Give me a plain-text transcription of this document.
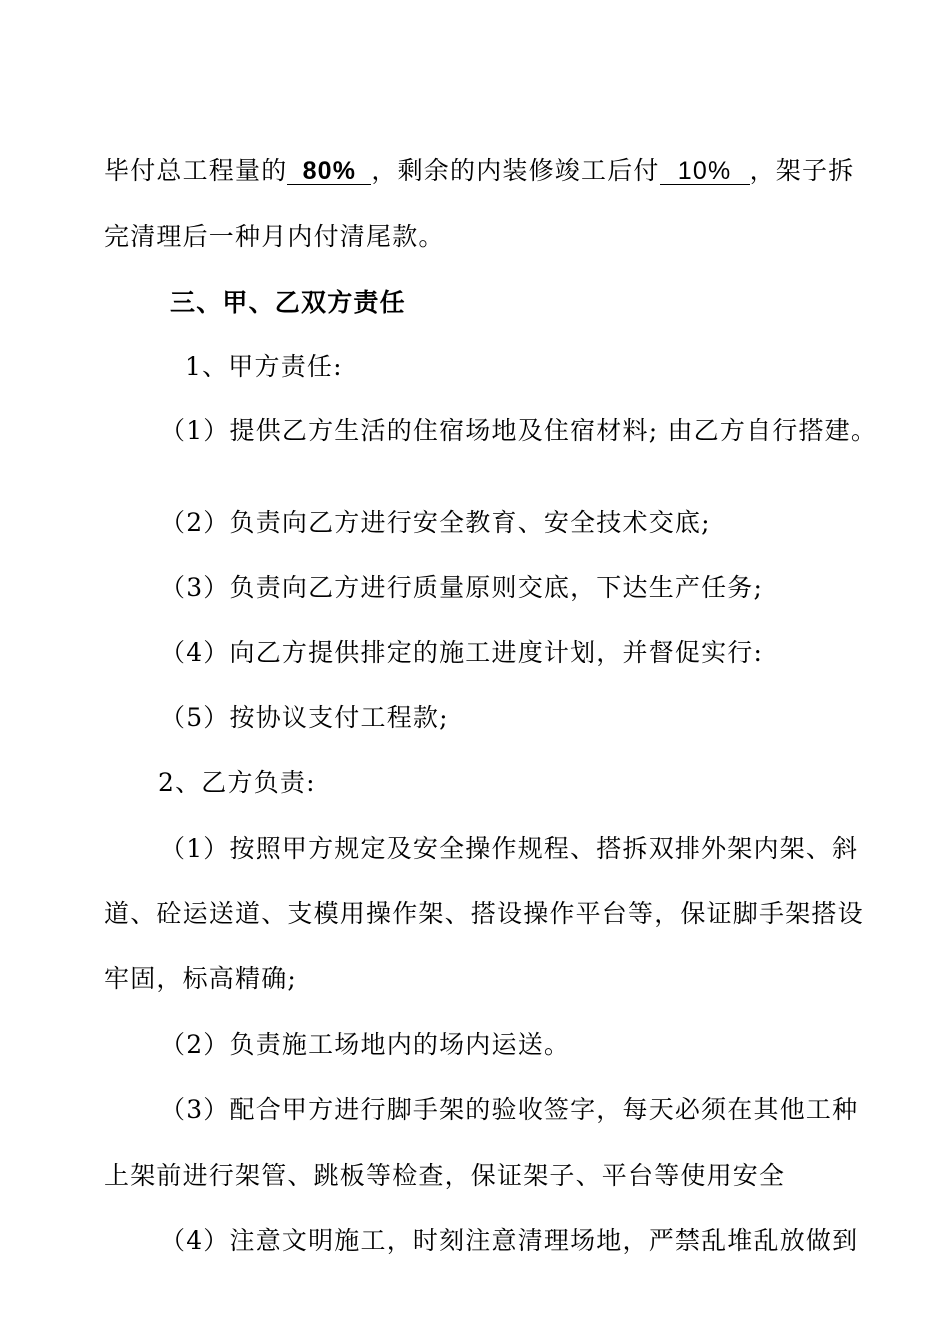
毕付总工程量的 80% ，剩余的内装修竣工后付 10% ，架子拆
完清理后一种月内付清尾款。
三、甲、乙双方责任
1、甲方责任:
（1）提供乙方生活的住宿场地及住宿材料; 由乙方自行搭建。
（2）负责向乙方进行安全教育、安全技术交底;
（3）负责向乙方进行质量原则交底，下达生产任务;
（4）向乙方提供排定的施工进度计划，并督促实行:
（5）按协议支付工程款;
2、乙方负责:
（1）按照甲方规定及安全操作规程、搭拆双排外架内架、斜
道、砼运送道、支模用操作架、搭设操作平台等，保证脚手架搭设
牢固，标高精确;
（2）负责施工场地内的场内运送。
（3）配合甲方进行脚手架的验收签字，每天必须在其他工种
上架前进行架管、跳板等检查，保证架子、平台等使用安全
（4）注意文明施工，时刻注意清理场地，严禁乱堆乱放做到
